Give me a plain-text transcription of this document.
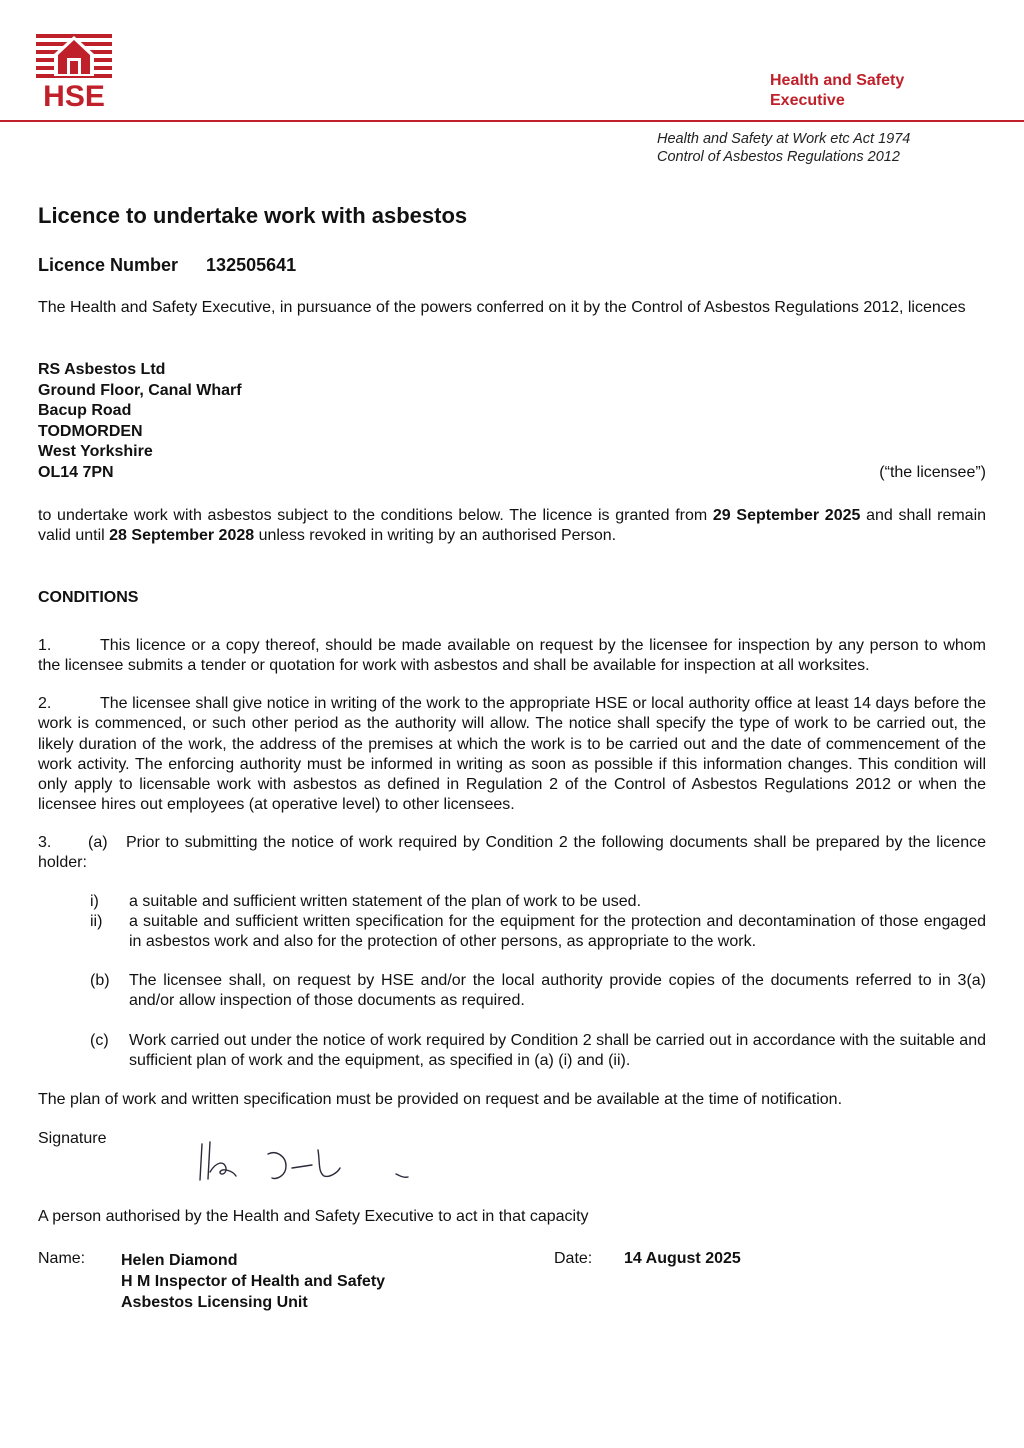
HSE	Health and Safety
Executive
Health and Safety at Work etc Act 1974
Control of Asbestos Regulations 2012
Licence to undertake work with asbestos
Licence Number 132505641
The Health and Safety Executive, in pursuance of the powers conferred on it by the Control of Asbestos Regulations 2012, licences
RS Asbestos Ltd
Ground Floor, Canal Wharf
Bacup Road
TODMORDEN
West Yorkshire
OL14 7PN	(“the licensee”)
to undertake work with asbestos subject to the conditions below. The licence is granted from 29 September 2025 and shall remain valid until 28 September 2028 unless revoked in writing by an authorised Person.
CONDITIONS
1.	This licence or a copy thereof, should be made available on request by the licensee for inspection by any person to whom the licensee submits a tender or quotation for work with asbestos and shall be available for inspection at all worksites.
2.	The licensee shall give notice in writing of the work to the appropriate HSE or local authority office at least 14 days before the work is commenced, or such other period as the authority will allow. The notice shall specify the type of work to be carried out, the likely duration of the work, the address of the premises at which the work is to be carried out and the date of commencement of the work activity. The enforcing authority must be informed in writing as soon as possible if this information changes. This condition will only apply to licensable work with asbestos as defined in Regulation 2 of the Control of Asbestos Regulations 2012 or when the licensee hires out employees (at operative level) to other licensees.
3. (a) Prior to submitting the notice of work required by Condition 2 the following documents shall be prepared by the licence holder:
i) a suitable and sufficient written statement of the plan of work to be used.
ii) a suitable and sufficient written specification for the equipment for the protection and decontamination of those engaged in asbestos work and also for the protection of other persons, as appropriate to the work.
(b) The licensee shall, on request by HSE and/or the local authority provide copies of the documents referred to in 3(a) and/or allow inspection of those documents as required.
(c) Work carried out under the notice of work required by Condition 2 shall be carried out in accordance with the suitable and sufficient plan of work and the equipment, as specified in (a) (i) and (ii).
The plan of work and written specification must be provided on request and be available at the time of notification.
Signature
A person authorised by the Health and Safety Executive to act in that capacity
Name: Helen Diamond
H M Inspector of Health and Safety
Asbestos Licensing Unit
Date: 14 August 2025
